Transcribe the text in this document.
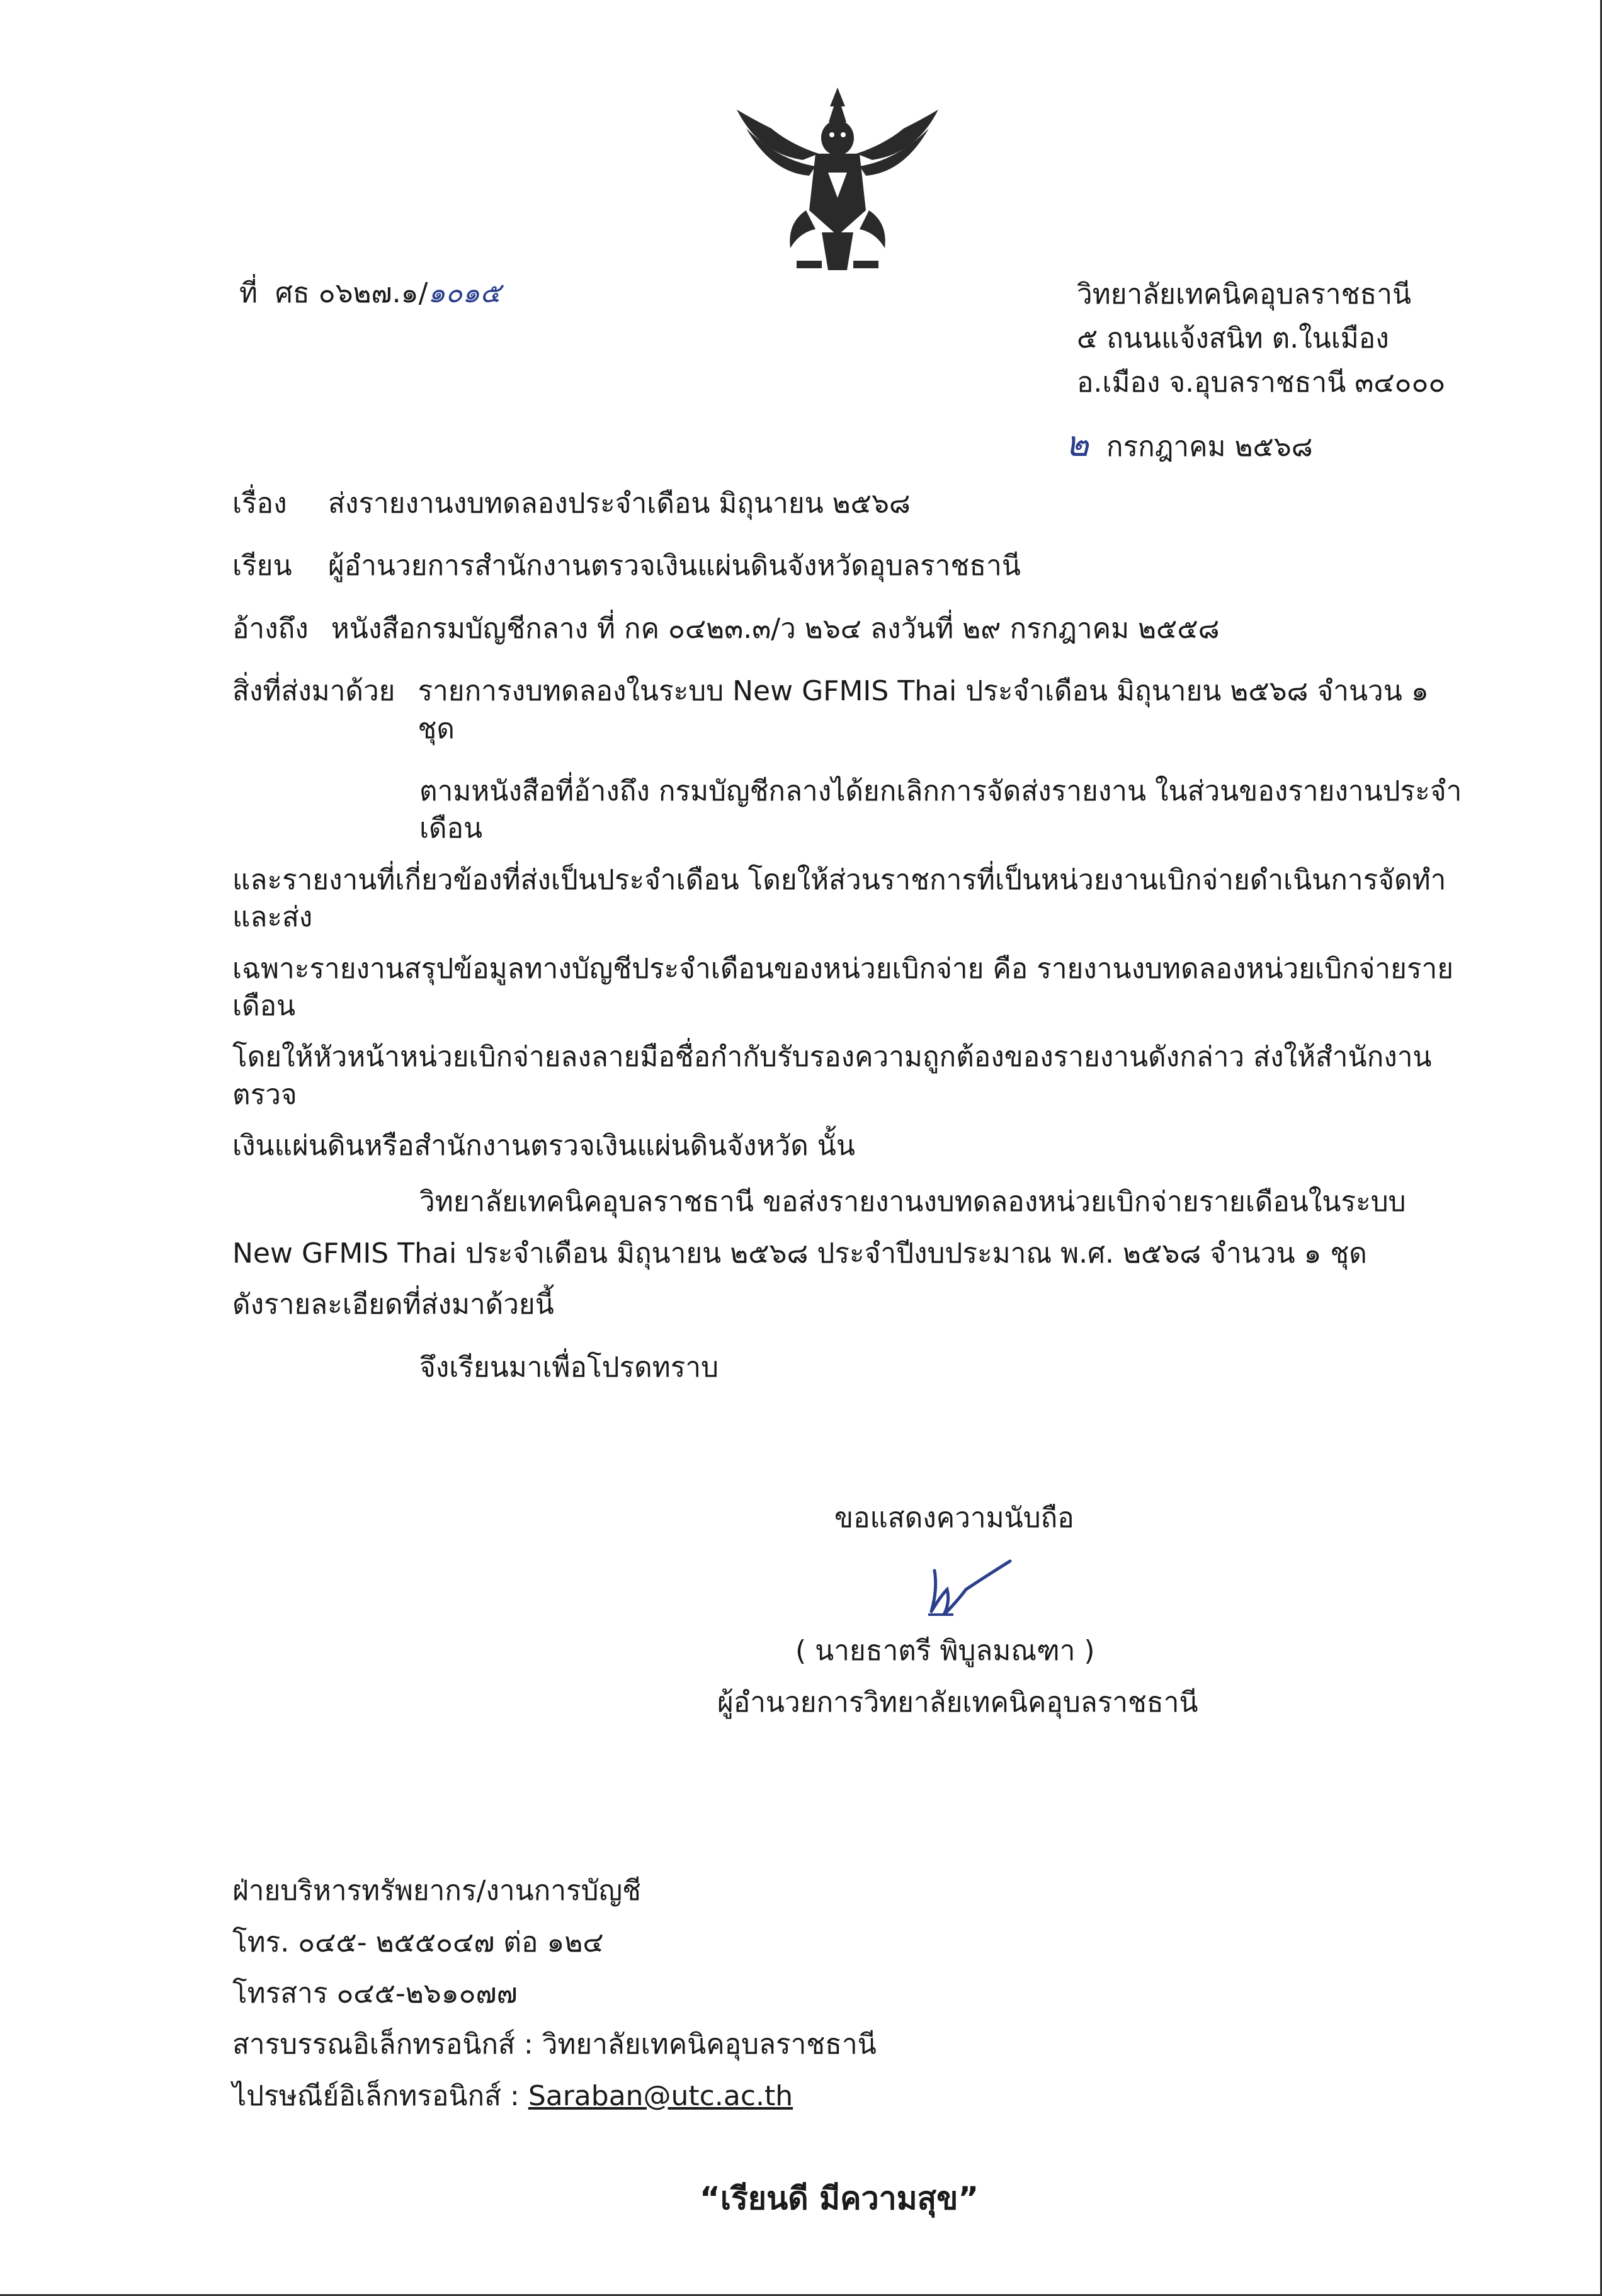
ที่ ศธ ๐๖๒๗.๑/๑๐๑๕	วิทยาลัยเทคนิคอุบลราชธานี
๕ ถนนแจ้งสนิท ต.ในเมือง
อ.เมือง จ.อุบลราชธานี ๓๔๐๐๐
๒ กรกฎาคม ๒๕๖๘
เรื่อง	ส่งรายงานงบทดลองประจำเดือน มิถุนายน ๒๕๖๘
เรียน	ผู้อำนวยการสำนักงานตรวจเงินแผ่นดินจังหวัดอุบลราชธานี
อ้างถึง หนังสือกรมบัญชีกลาง ที่ กค ๐๔๒๓.๓/ว ๒๖๔ ลงวันที่ ๒๙ กรกฎาคม ๒๕๕๘
สิ่งที่ส่งมาด้วย รายการงบทดลองในระบบ New GFMIS Thai ประจำเดือน มิถุนายน ๒๕๖๘ จำนวน ๑ ชุด
ตามหนังสือที่อ้างถึง กรมบัญชีกลางได้ยกเลิกการจัดส่งรายงาน ในส่วนของรายงานประจำเดือน
และรายงานที่เกี่ยวข้องที่ส่งเป็นประจำเดือน โดยให้ส่วนราชการที่เป็นหน่วยงานเบิกจ่ายดำเนินการจัดทำและส่ง
เฉพาะรายงานสรุปข้อมูลทางบัญชีประจำเดือนของหน่วยเบิกจ่าย คือ รายงานงบทดลองหน่วยเบิกจ่ายรายเดือน
โดยให้หัวหน้าหน่วยเบิกจ่ายลงลายมือชื่อกำกับรับรองความถูกต้องของรายงานดังกล่าว ส่งให้สำนักงานตรวจ
เงินแผ่นดินหรือสำนักงานตรวจเงินแผ่นดินจังหวัด นั้น
วิทยาลัยเทคนิคอุบลราชธานี ขอส่งรายงานงบทดลองหน่วยเบิกจ่ายรายเดือนในระบบ
New GFMIS Thai ประจำเดือน มิถุนายน ๒๕๖๘ ประจำปีงบประมาณ พ.ศ. ๒๕๖๘ จำนวน ๑ ชุด
ดังรายละเอียดที่ส่งมาด้วยนี้
จึงเรียนมาเพื่อโปรดทราบ
ขอแสดงความนับถือ
( นายธาตรี พิบูลมณฑา )
ผู้อำนวยการวิทยาลัยเทคนิคอุบลราชธานี
ฝ่ายบริหารทรัพยากร/งานการบัญชี
โทร. ๐๔๕- ๒๕๕๐๔๗ ต่อ ๑๒๔
โทรสาร ๐๔๕-๒๖๑๐๗๗
สารบรรณอิเล็กทรอนิกส์ : วิทยาลัยเทคนิคอุบลราชธานี
ไปรษณีย์อิเล็กทรอนิกส์ : Saraban@utc.ac.th
“เรียนดี มีความสุข”
